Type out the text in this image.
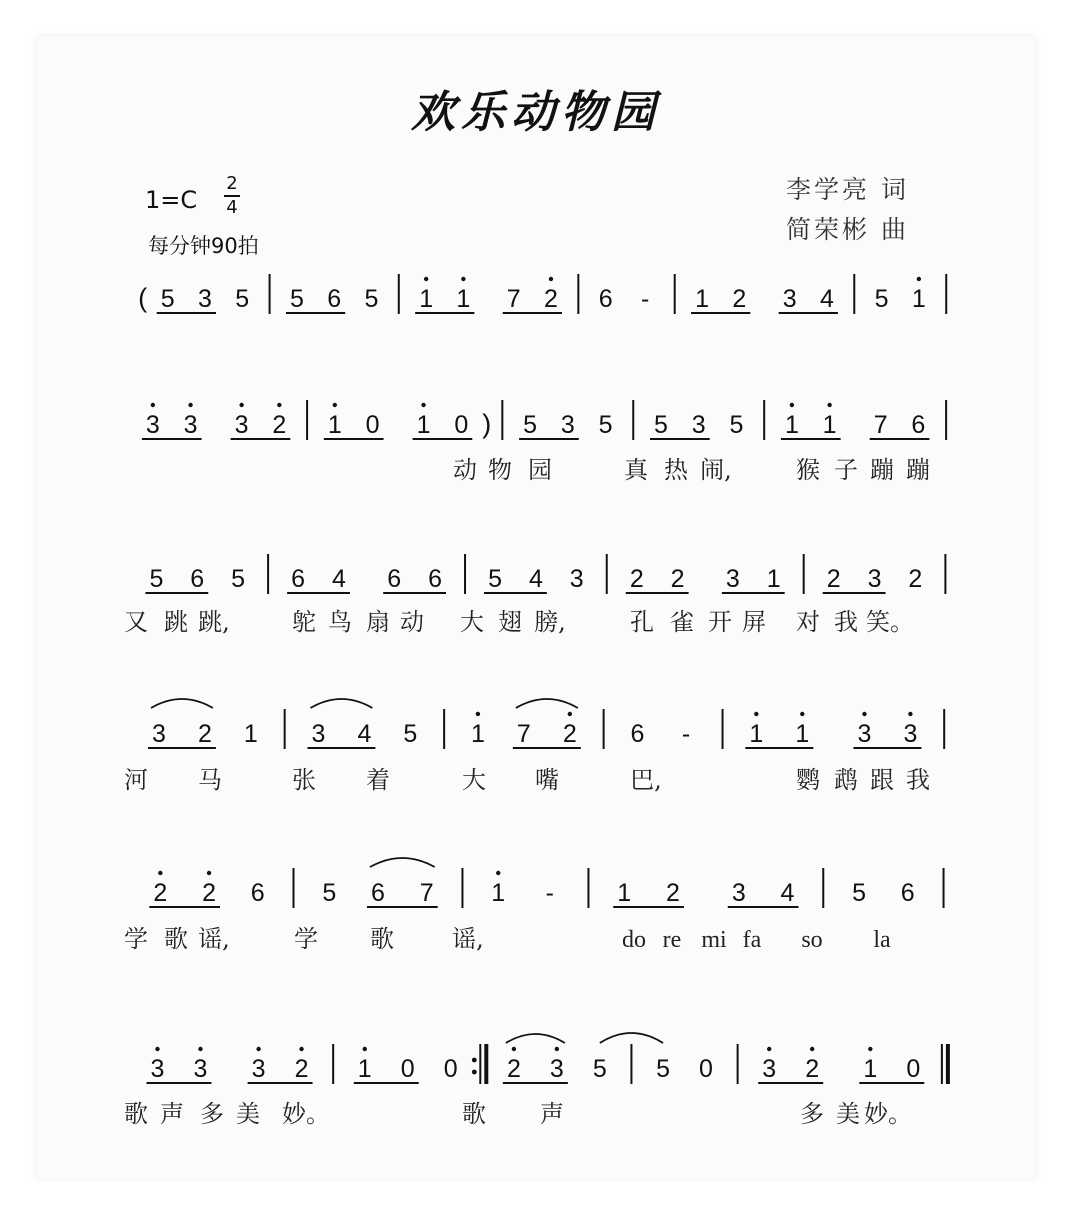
欢乐动物园
1=C
2
4
每分钟90拍
李学亮 词
简荣彬 曲
( 5 3 5 5 6 5 1 1 7 2 6 - 1 2 3 4 5 1
3 3 3 2 1 0 1 0 ) 5 3 5 5 3 5 1 1 7 6
动 物 园	真 热 闹,	猴 子 蹦 蹦
5 6 5 6 4 6 6 5 4 3 2 2 3 1 2 3 2
又 跳 跳,	鸵 鸟 扇 动 大 翅 膀,	孔 雀 开 屏 对 我 笑。
3 2 1 3 4 5 1 7 2 6 - 1 1 3 3
河 马	张 着	大 嘴	巴,	鹦 鹉 跟 我
2 2 6 5 6 7 1 -	1 2 3 4 5 6
学 歌 谣,	学 歌 谣,	do re mi fa so la
3 3 3 2 1 0 0 2 3 5 5 0 3 2 1 0
歌 声 多 美 妙。	歌 声	多 美 妙。
